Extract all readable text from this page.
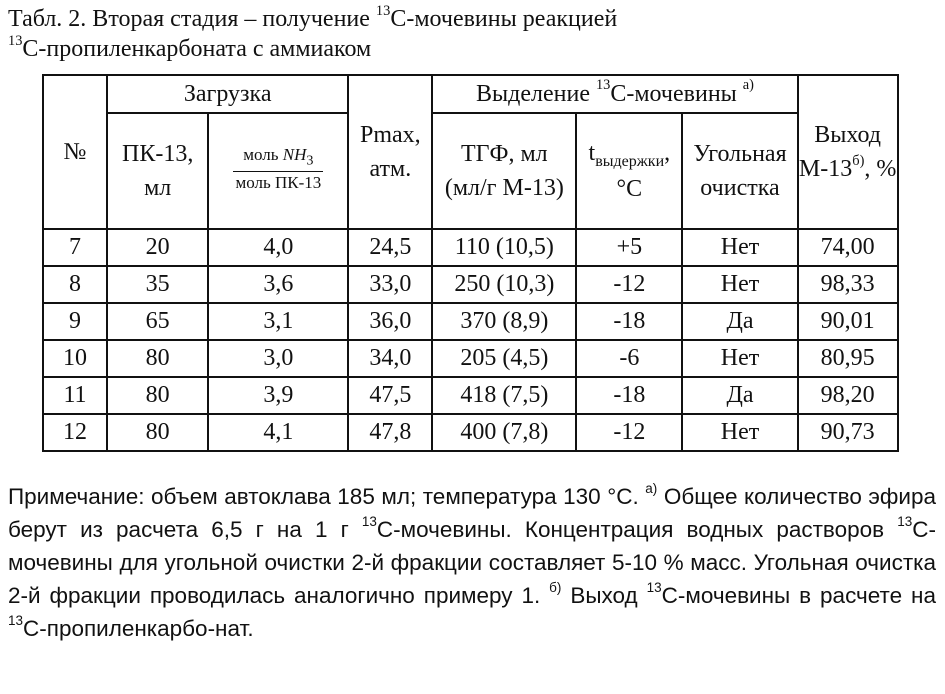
Табл. 2. Вторая стадия – получение $^{13}$С-мочевины реакцией
$^{13}$С-пропиленкарбоната с аммиаком
№	Загрузка		Рmax, атм.	Выделение $^{13}$С-мочевины $^{а)}$			Выход $М-13^{б)}$, %
	ПК-13, мл	$\frac{моль NH_3}{\text{моль ПК-13}}$		ТГФ, мл (мл/г М-13)	$t_{выдержки}$, °С	Угольная очистка	
7	20	4,0	24,5	110 (10,5)	+5	Нет	74,00
8	35	3,6	33,0	250 (10,3)	-12	Нет	98,33
9	65	3,1	36,0	370 (8,9)	-18	Да	90,01
10	80	3,0	34,0	205 (4,5)	-6	Нет	80,95
11	80	3,9	47,5	418 (7,5)	-18	Да	98,20
12	80	4,1	47,8	400 (7,8)	-12	Нет	90,73
Примечание: объем автоклава 185 мл; температура 130 °С. $^{а)}$ Общее количество эфира берут из расчета 6,5 г на 1 г $^{13}$С-мочевины. Концентрация водных растворов $^{13}$С-мочевины для угольной очистки 2-й фракции составляет 5-10 % масс. Угольная очистка 2-й фракции проводилась аналогично примеру 1. $^{б)}$ Выход $^{13}$С-мочевины в расчете на $^{13}$С-пропиленкарбо-нат.
